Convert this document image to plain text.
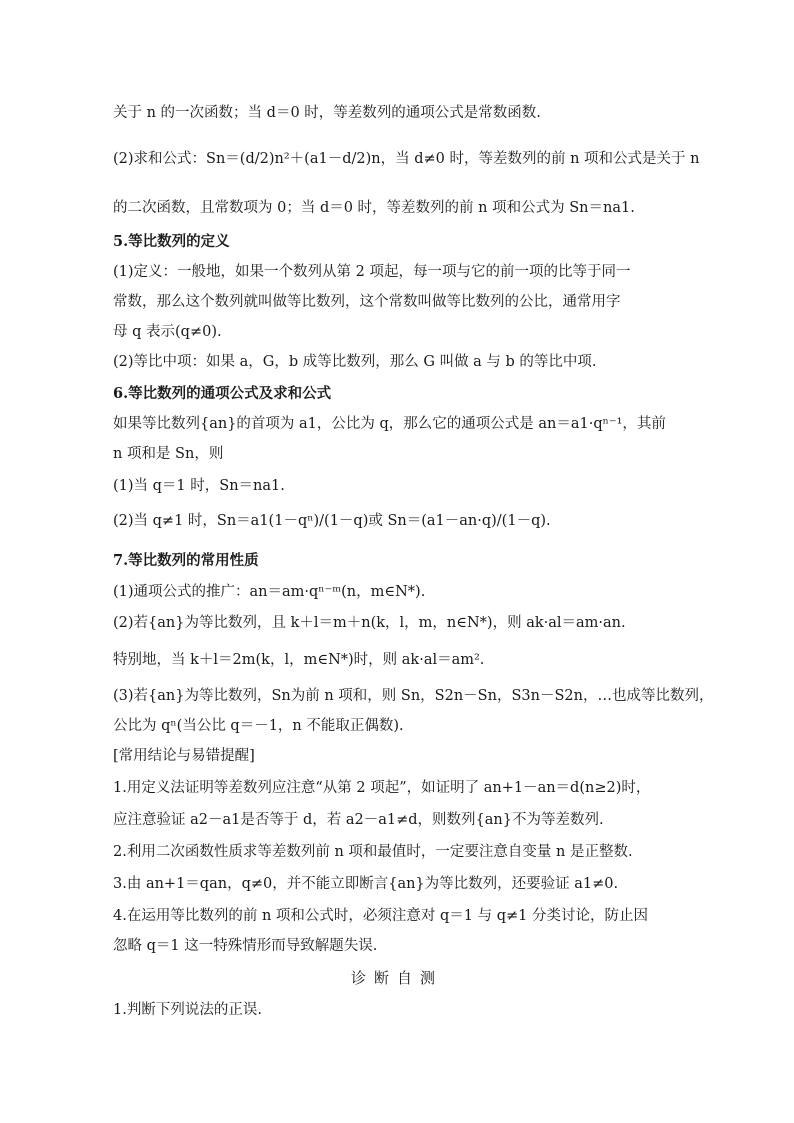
关于 n 的一次函数；当 d＝0 时，等差数列的通项公式是常数函数.
(2)求和公式：Sn＝(d/2)n²＋(a1－d/2)n，当 d≠0 时，等差数列的前 n 项和公式是关于 n
的二次函数，且常数项为 0；当 d＝0 时，等差数列的前 n 项和公式为 Sn＝na1.
5.等比数列的定义
(1)定义：一般地，如果一个数列从第 2 项起，每一项与它的前一项的比等于同一
常数，那么这个数列就叫做等比数列，这个常数叫做等比数列的公比，通常用字
母 q 表示(q≠0).
(2)等比中项：如果 a，G，b 成等比数列，那么 G 叫做 a 与 b 的等比中项.
6.等比数列的通项公式及求和公式
如果等比数列{an}的首项为 a1，公比为 q，那么它的通项公式是 an＝a1·qⁿ⁻¹，其前
n 项和是 Sn，则
(1)当 q＝1 时，Sn＝na1.
(2)当 q≠1 时，Sn＝a1(1－qⁿ)/(1－q)或 Sn＝(a1－an·q)/(1－q).
7.等比数列的常用性质
(1)通项公式的推广：an＝am·qⁿ⁻ᵐ(n，m∈N*).
(2)若{an}为等比数列，且 k＋l＝m＋n(k，l，m，n∈N*)，则 ak·al＝am·an.
特别地，当 k＋l＝2m(k，l，m∈N*)时，则 ak·al＝am².
(3)若{an}为等比数列，Sn为前 n 项和，则 Sn，S2n－Sn，S3n－S2n，…也成等比数列，
公比为 qⁿ(当公比 q＝－1，n 不能取正偶数).
[常用结论与易错提醒]
1.用定义法证明等差数列应注意“从第 2 项起”，如证明了 an+1－an＝d(n≥2)时，
应注意验证 a2－a1是否等于 d，若 a2－a1≠d，则数列{an}不为等差数列.
2.利用二次函数性质求等差数列前 n 项和最值时，一定要注意自变量 n 是正整数.
3.由 an+1＝qan，q≠0，并不能立即断言{an}为等比数列，还要验证 a1≠0.
4.在运用等比数列的前 n 项和公式时，必须注意对 q＝1 与 q≠1 分类讨论，防止因
忽略 q＝1 这一特殊情形而导致解题失误.
1.判断下列说法的正误.
诊断自测
